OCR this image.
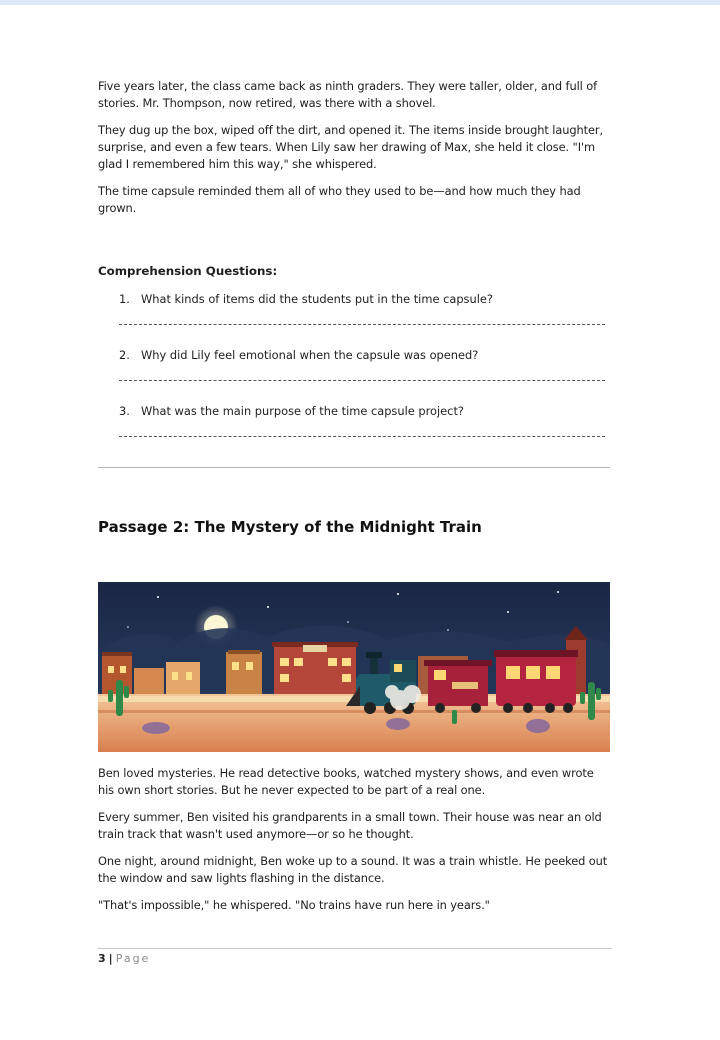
Five years later, the class came back as ninth graders. They were taller, older, and full of stories. Mr. Thompson, now retired, was there with a shovel.

They dug up the box, wiped off the dirt, and opened it. The items inside brought laughter, surprise, and even a few tears. When Lily saw her drawing of Max, she held it close. "I'm glad I remembered him this way," she whispered.

The time capsule reminded them all of who they used to be—and how much they had grown.

Comprehension Questions:
1. What kinds of items did the students put in the time capsule?
2. Why did Lily feel emotional when the capsule was opened?
3. What was the main purpose of the time capsule project?
Passage 2: The Mystery of the Midnight Train

Ben loved mysteries. He read detective books, watched mystery shows, and even wrote his own short stories. But he never expected to be part of a real one.

Every summer, Ben visited his grandparents in a small town. Their house was near an old train track that wasn't used anymore—or so he thought.

One night, around midnight, Ben woke up to a sound. It was a train whistle. He peeked out the window and saw lights flashing in the distance.

"That's impossible," he whispered. "No trains have run here in years."

3 | Page
